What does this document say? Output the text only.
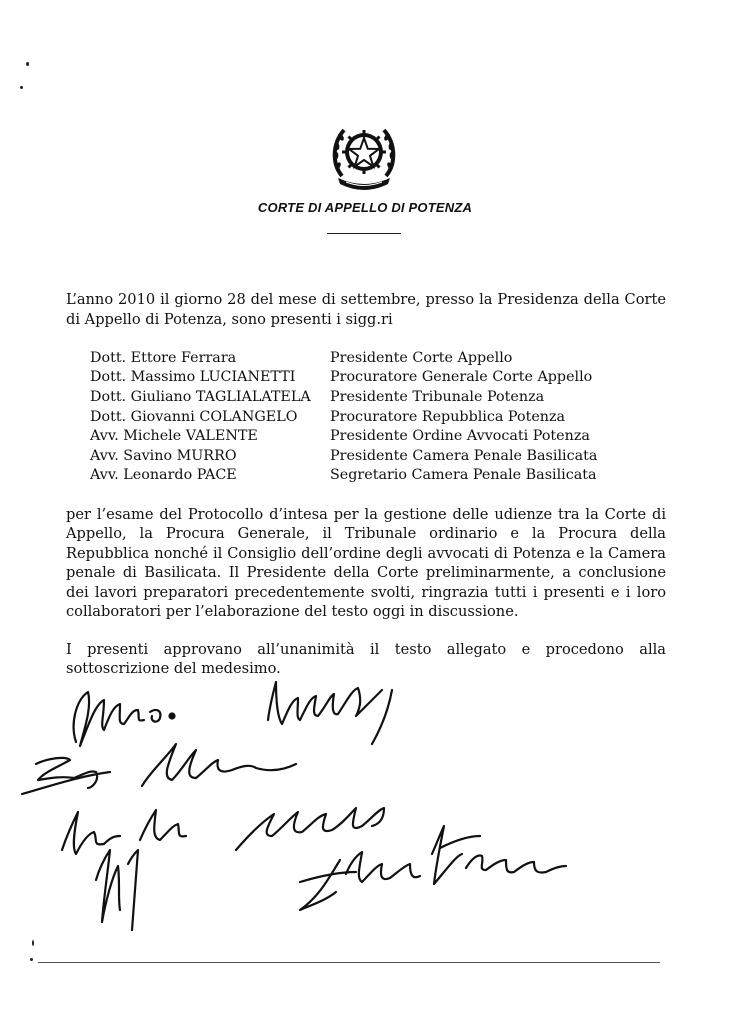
CORTE DI APPELLO DI POTENZA

L’anno 2010 il giorno 28 del mese di settembre, presso la Presidenza della Corte di Appello di Potenza, sono presenti i sigg.ri

Dott. Ettore Ferrara	Presidente Corte Appello
Dott. Massimo LUCIANETTI	Procuratore Generale Corte Appello
Dott. Giuliano TAGLIALATELA	Presidente Tribunale Potenza
Dott. Giovanni COLANGELO	Procuratore Repubblica Potenza
Avv. Michele VALENTE	Presidente Ordine Avvocati Potenza
Avv. Savino MURRO	Presidente Camera Penale Basilicata
Avv. Leonardo PACE	Segretario Camera Penale Basilicata

per l’esame del Protocollo d’intesa per la gestione delle udienze tra la Corte di Appello, la Procura Generale, il Tribunale ordinario e la Procura della Repubblica nonché il Consiglio dell’ordine degli avvocati di Potenza e la Camera penale di Basilicata. Il Presidente della Corte preliminarmente, a conclusione dei lavori preparatori precedentemente svolti, ringrazia tutti i presenti e i loro collaboratori per l’elaborazione del testo oggi in discussione.

I presenti approvano all’unanimità il testo allegato e procedono alla sottoscrizione del medesimo.
